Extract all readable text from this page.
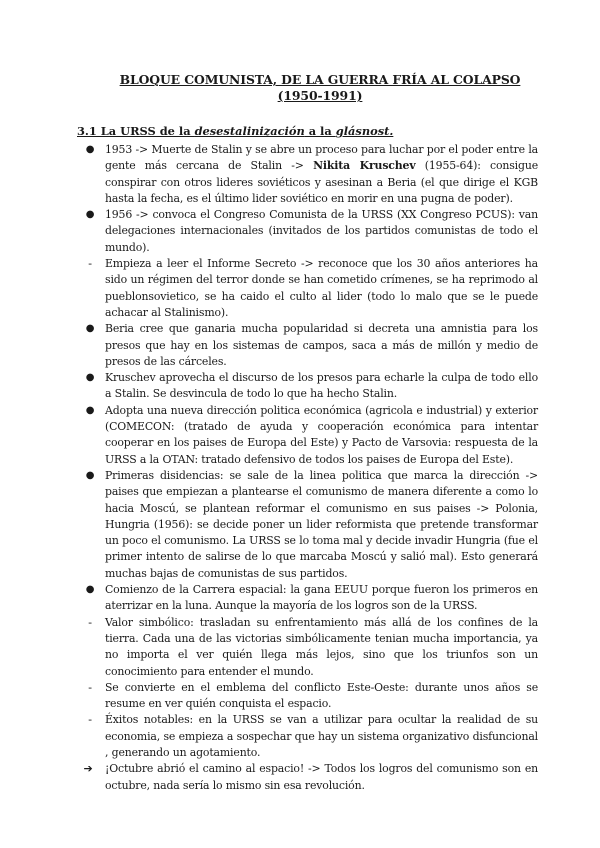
BLOQUE COMUNISTA, DE LA GUERRA FRÍA AL COLAPSO (1950-1991)
3.1 La URSS de la desestalinización a la glásnost.
● 1953 -> Muerte de Stalin y se abre un proceso para luchar por el poder entre la gente más cercana de Stalin -> Nikita Kruschev (1955-64): consigue conspirar con otros lideres soviéticos y asesinan a Beria (el que dirige el KGB hasta la fecha, es el último lider soviético en morir en una pugna de poder).
● 1956 -> convoca el Congreso Comunista de la URSS (XX Congreso PCUS): van delegaciones internacionales (invitados de los partidos comunistas de todo el mundo).
-	Empieza a leer el Informe Secreto -> reconoce que los 30 años anteriores ha sido un régimen del terror donde se han cometido crímenes, se ha reprimodo al pueblonsovietico, se ha caido el culto al lider (todo lo malo que se le puede achacar al Stalinismo).
● Beria cree que ganaria mucha popularidad si decreta una amnistia para los presos que hay en los sistemas de campos, saca a más de millón y medio de presos de las cárceles.
● Kruschev aprovecha el discurso de los presos para echarle la culpa de todo ello a Stalin. Se desvincula de todo lo que ha hecho Stalin.
● Adopta una nueva dirección politica económica (agricola e industrial) y exterior (COMECON: (tratado de ayuda y cooperación económica para intentar cooperar en los paises de Europa del Este) y Pacto de Varsovia: respuesta de la URSS a la OTAN: tratado defensivo de todos los paises de Europa del Este).
● Primeras disidencias: se sale de la linea politica que marca la dirección -> paises que empiezan a plantearse el comunismo de manera diferente a como lo hacia Moscú, se plantean reformar el comunismo en sus paises -> Polonia, Hungria (1956): se decide poner un lider reformista que pretende transformar un poco el comunismo. La URSS se lo toma mal y decide invadir Hungria (fue el primer intento de salirse de lo que marcaba Moscú y salió mal). Esto generará muchas bajas de comunistas de sus partidos.
● Comienzo de la Carrera espacial: la gana EEUU porque fueron los primeros en aterrizar en la luna. Aunque la mayoría de los logros son de la URSS.
-	Valor simbólico: trasladan su enfrentamiento más allá de los confines de la tierra. Cada una de las victorias simbólicamente tenian mucha importancia, ya no importa el ver quién llega más lejos, sino que los triunfos son un conocimiento para entender el mundo.
-	Se convierte en el emblema del conflicto Este-Oeste: durante unos años se resume en ver quién conquista el espacio.
-	Éxitos notables: en la URSS se van a utilizar para ocultar la realidad de su economia, se empieza a sospechar que hay un sistema organizativo disfuncional , generando un agotamiento.
➔ ¡Octubre abrió el camino al espacio! -> Todos los logros del comunismo son en octubre, nada sería lo mismo sin esa revolución.
